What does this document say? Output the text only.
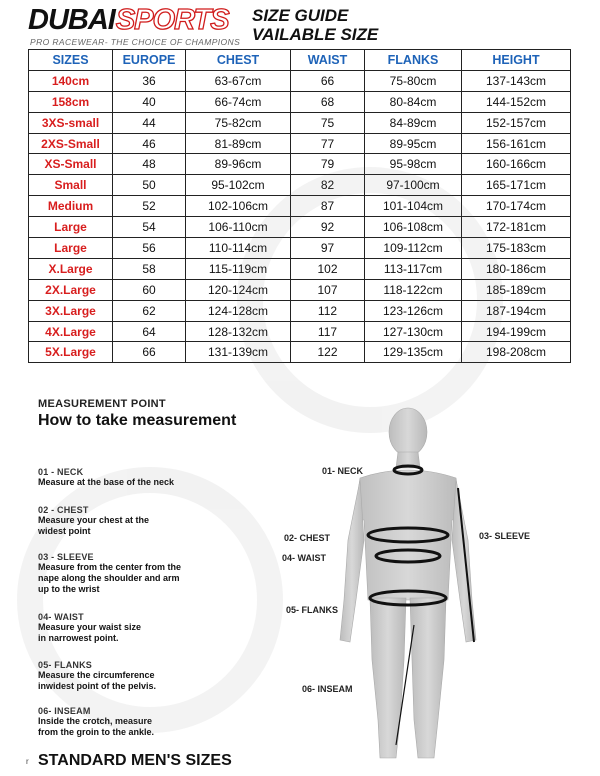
DUBAI SPORTS
PRO RACEWEAR- THE CHOICE OF CHAMPIONS
SIZE GUIDE
VAILABLE SIZE
SIZES	EUROPE	CHEST	WAIST	FLANKS	HEIGHT
140cm	36	63-67cm	66	75-80cm	137-143cm
158cm	40	66-74cm	68	80-84cm	144-152cm
3XS-small	44	75-82cm	75	84-89cm	152-157cm
2XS-Small	46	81-89cm	77	89-95cm	156-161cm
XS-Small	48	89-96cm	79	95-98cm	160-166cm
Small	50	95-102cm	82	97-100cm	165-171cm
Medium	52	102-106cm	87	101-104cm	170-174cm
Large	54	106-110cm	92	106-108cm	172-181cm
Large	56	110-114cm	97	109-112cm	175-183cm
X.Large	58	115-119cm	102	113-117cm	180-186cm
2X.Large	60	120-124cm	107	118-122cm	185-189cm
3X.Large	62	124-128cm	112	123-126cm	187-194cm
4X.Large	64	128-132cm	117	127-130cm	194-199cm
5X.Large	66	131-139cm	122	129-135cm	198-208cm
MEASUREMENT POINT
How to take measurement
01 - NECK
Measure at the base of the neck
02 - CHEST
Measure your chest at the
widest point
03 - SLEEVE
Measure from the center from the
nape along the shoulder and arm
up to the wrist
04- WAIST
Measure your waist size
in narrowest point.
05- FLANKS
Measure the circumference
inwidest point of the pelvis.
06- INSEAM
Inside the crotch, measure
from the groin to the ankle.
01- NECK
02- CHEST	03- SLEEVE
04- WAIST
05- FLANKS
06- INSEAM
r STANDARD MEN'S SIZES
